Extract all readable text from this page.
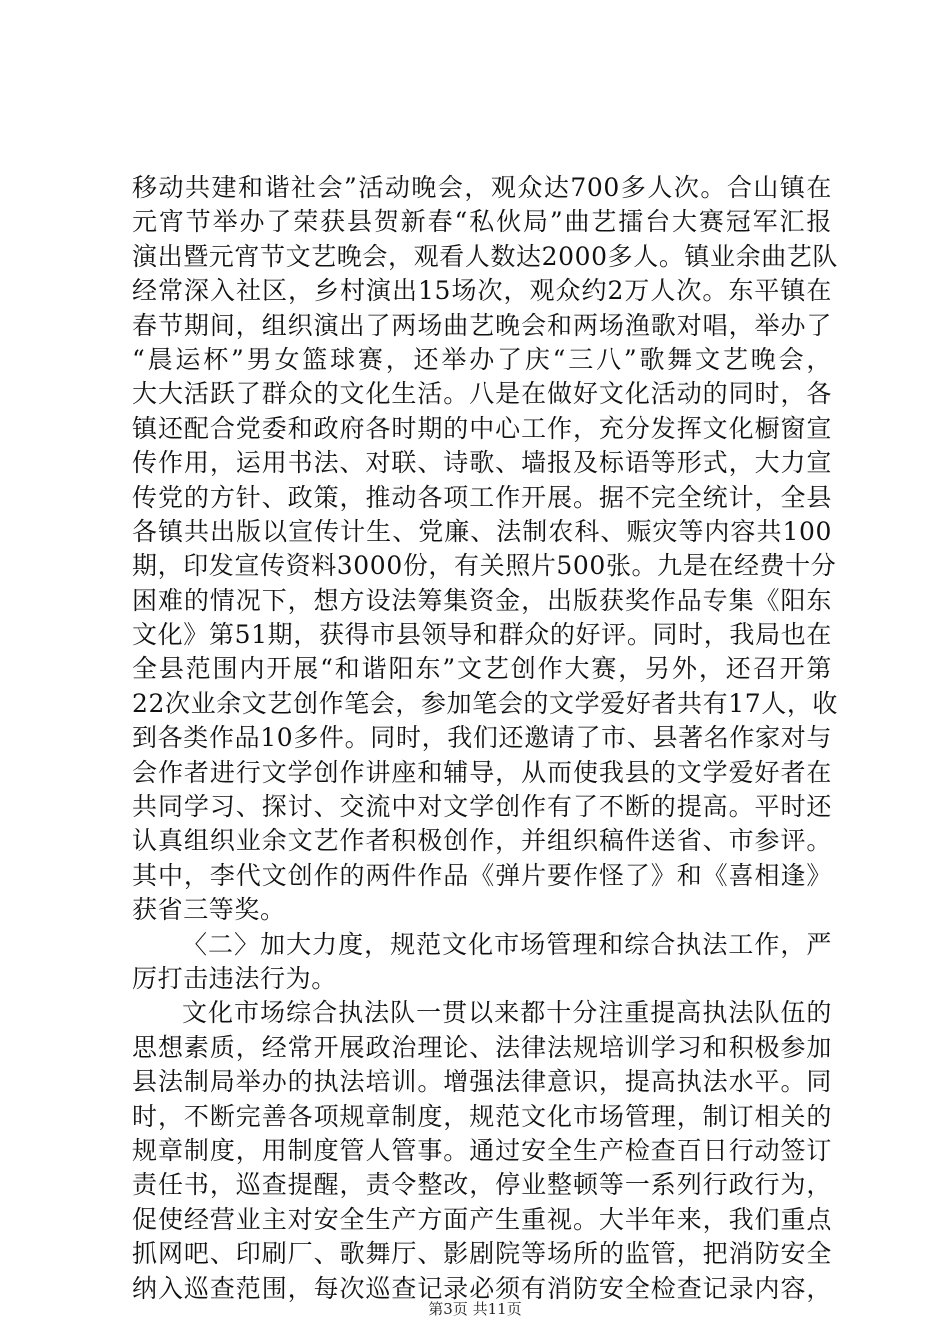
移动共建和谐社会”活动晚会，观众达700多人次。合山镇在
元宵节举办了荣获县贺新春“私伙局”曲艺擂台大赛冠军汇报
演出暨元宵节文艺晚会，观看人数达2000多人。镇业余曲艺队
经常深入社区，乡村演出15场次，观众约2万人次。东平镇在
春节期间，组织演出了两场曲艺晚会和两场渔歌对唱，举办了
“晨运杯”男女篮球赛，还举办了庆“三八”歌舞文艺晚会，
大大活跃了群众的文化生活。八是在做好文化活动的同时，各
镇还配合党委和政府各时期的中心工作，充分发挥文化橱窗宣
传作用，运用书法、对联、诗歌、墙报及标语等形式，大力宣
传党的方针、政策，推动各项工作开展。据不完全统计，全县
各镇共出版以宣传计生、党廉、法制农科、赈灾等内容共100
期，印发宣传资料3000份，有关照片500张。九是在经费十分
困难的情况下，想方设法筹集资金，出版获奖作品专集《阳东
文化》第51期，获得市县领导和群众的好评。同时，我局也在
全县范围内开展“和谐阳东”文艺创作大赛，另外，还召开第
22次业余文艺创作笔会，参加笔会的文学爱好者共有17人，收
到各类作品10多件。同时，我们还邀请了市、县著名作家对与
会作者进行文学创作讲座和辅导，从而使我县的文学爱好者在
共同学习、探讨、交流中对文学创作有了不断的提高。平时还
认真组织业余文艺作者积极创作，并组织稿件送省、市参评。
其中，李代文创作的两件作品《弹片要作怪了》和《喜相逢》
获省三等奖。
〈二〉加大力度，规范文化市场管理和综合执法工作，严
厉打击违法行为。
文化市场综合执法队一贯以来都十分注重提高执法队伍的
思想素质，经常开展政治理论、法律法规培训学习和积极参加
县法制局举办的执法培训。增强法律意识，提高执法水平。同
时，不断完善各项规章制度，规范文化市场管理，制订相关的
规章制度，用制度管人管事。通过安全生产检查百日行动签订
责任书，巡查提醒，责令整改，停业整顿等一系列行政行为，
促使经营业主对安全生产方面产生重视。大半年来，我们重点
抓网吧、印刷厂、歌舞厅、影剧院等场所的监管，把消防安全
纳入巡查范围，每次巡查记录必须有消防安全检查记录内容，
第3页 共11页
